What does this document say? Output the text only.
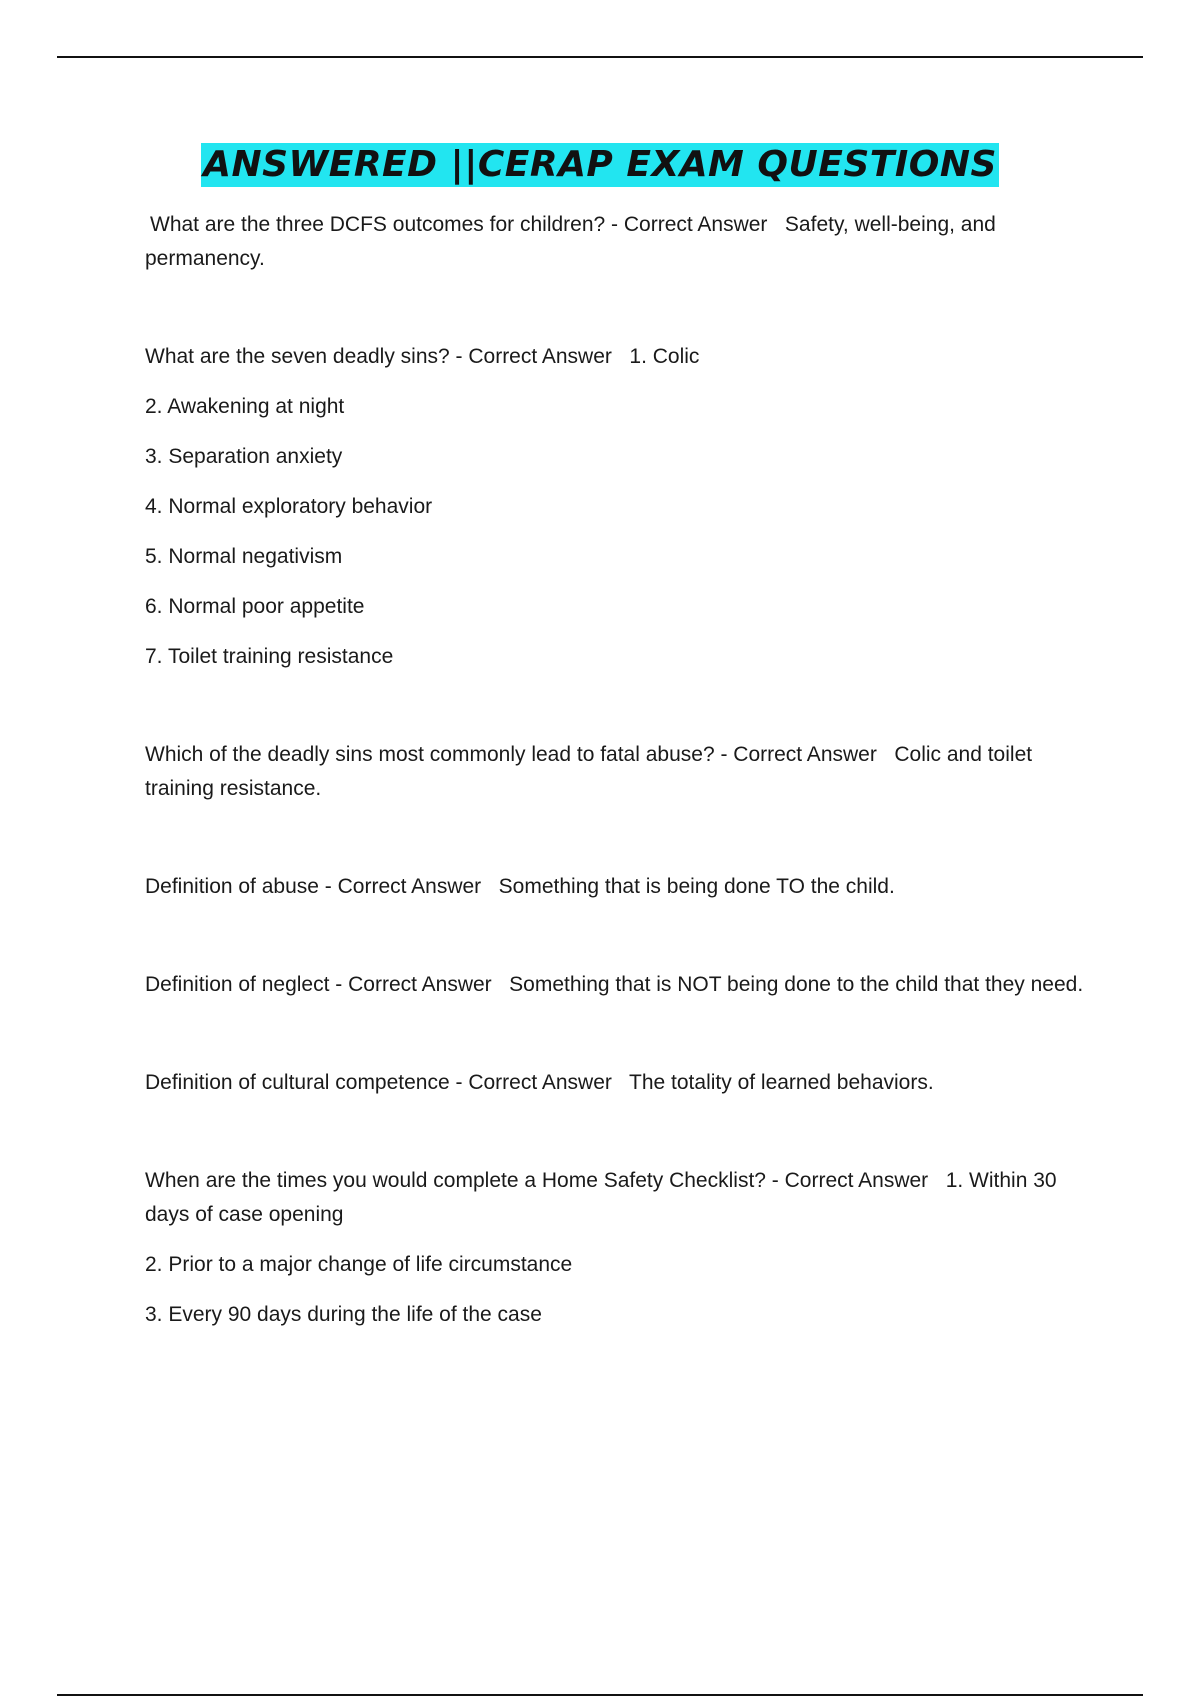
ANSWERED ||CERAP EXAM QUESTIONS

What are the three DCFS outcomes for children? - Correct Answer   Safety, well-being, and permanency.

What are the seven deadly sins? - Correct Answer   1. Colic

2. Awakening at night

3. Separation anxiety

4. Normal exploratory behavior

5. Normal negativism

6. Normal poor appetite

7. Toilet training resistance

Which of the deadly sins most commonly lead to fatal abuse? - Correct Answer   Colic and toilet training resistance.

Definition of abuse - Correct Answer   Something that is being done TO the child.

Definition of neglect - Correct Answer   Something that is NOT being done to the child that they need.

Definition of cultural competence - Correct Answer   The totality of learned behaviors.

When are the times you would complete a Home Safety Checklist? - Correct Answer   1. Within 30 days of case opening

2. Prior to a major change of life circumstance

3. Every 90 days during the life of the case
